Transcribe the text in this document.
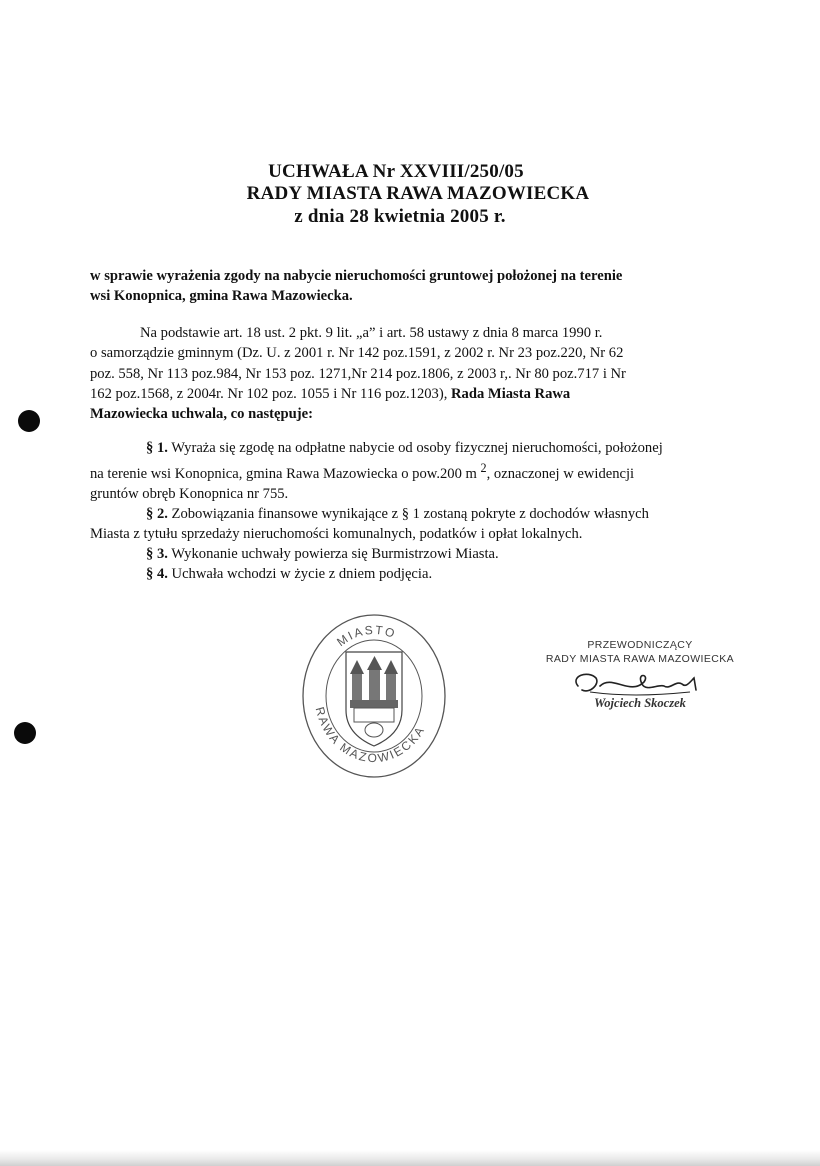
UCHWAŁA Nr XXVIII/250/05
RADY MIASTA RAWA MAZOWIECKA
z dnia 28 kwietnia 2005 r.
w sprawie wyrażenia zgody na nabycie nieruchomości gruntowej położonej na terenie
wsi Konopnica, gmina Rawa Mazowiecka.
Na podstawie art. 18 ust. 2 pkt. 9 lit. „a” i art. 58 ustawy z dnia 8 marca 1990 r.
o samorządzie gminnym (Dz. U. z 2001 r. Nr 142 poz.1591, z 2002 r. Nr 23 poz.220, Nr 62
poz. 558, Nr 113 poz.984, Nr 153 poz. 1271,Nr 214 poz.1806, z 2003 r,. Nr 80 poz.717 i Nr
162 poz.1568, z 2004r. Nr 102 poz. 1055 i Nr 116 poz.1203), Rada Miasta Rawa
Mazowiecka uchwala, co następuje:
§ 1. Wyraża się zgodę na odpłatne nabycie od osoby fizycznej nieruchomości, położonej
na terenie wsi Konopnica, gmina Rawa Mazowiecka o pow.200 m $^2$, oznaczonej w ewidencji
gruntów obręb Konopnica nr 755.
§ 2. Zobowiązania finansowe wynikające z § 1 zostaną pokryte z dochodów własnych
Miasta z tytułu sprzedaży nieruchomości komunalnych, podatków i opłat lokalnych.
§ 3. Wykonanie uchwały powierza się Burmistrzowi Miasta.
§ 4. Uchwała wchodzi w życie z dniem podjęcia.
MIASTO
RAWA MAZOWIECKA
PRZEWODNICZĄCY
RADY MIASTA RAWA MAZOWIECKA
Wojciech Skoczek
